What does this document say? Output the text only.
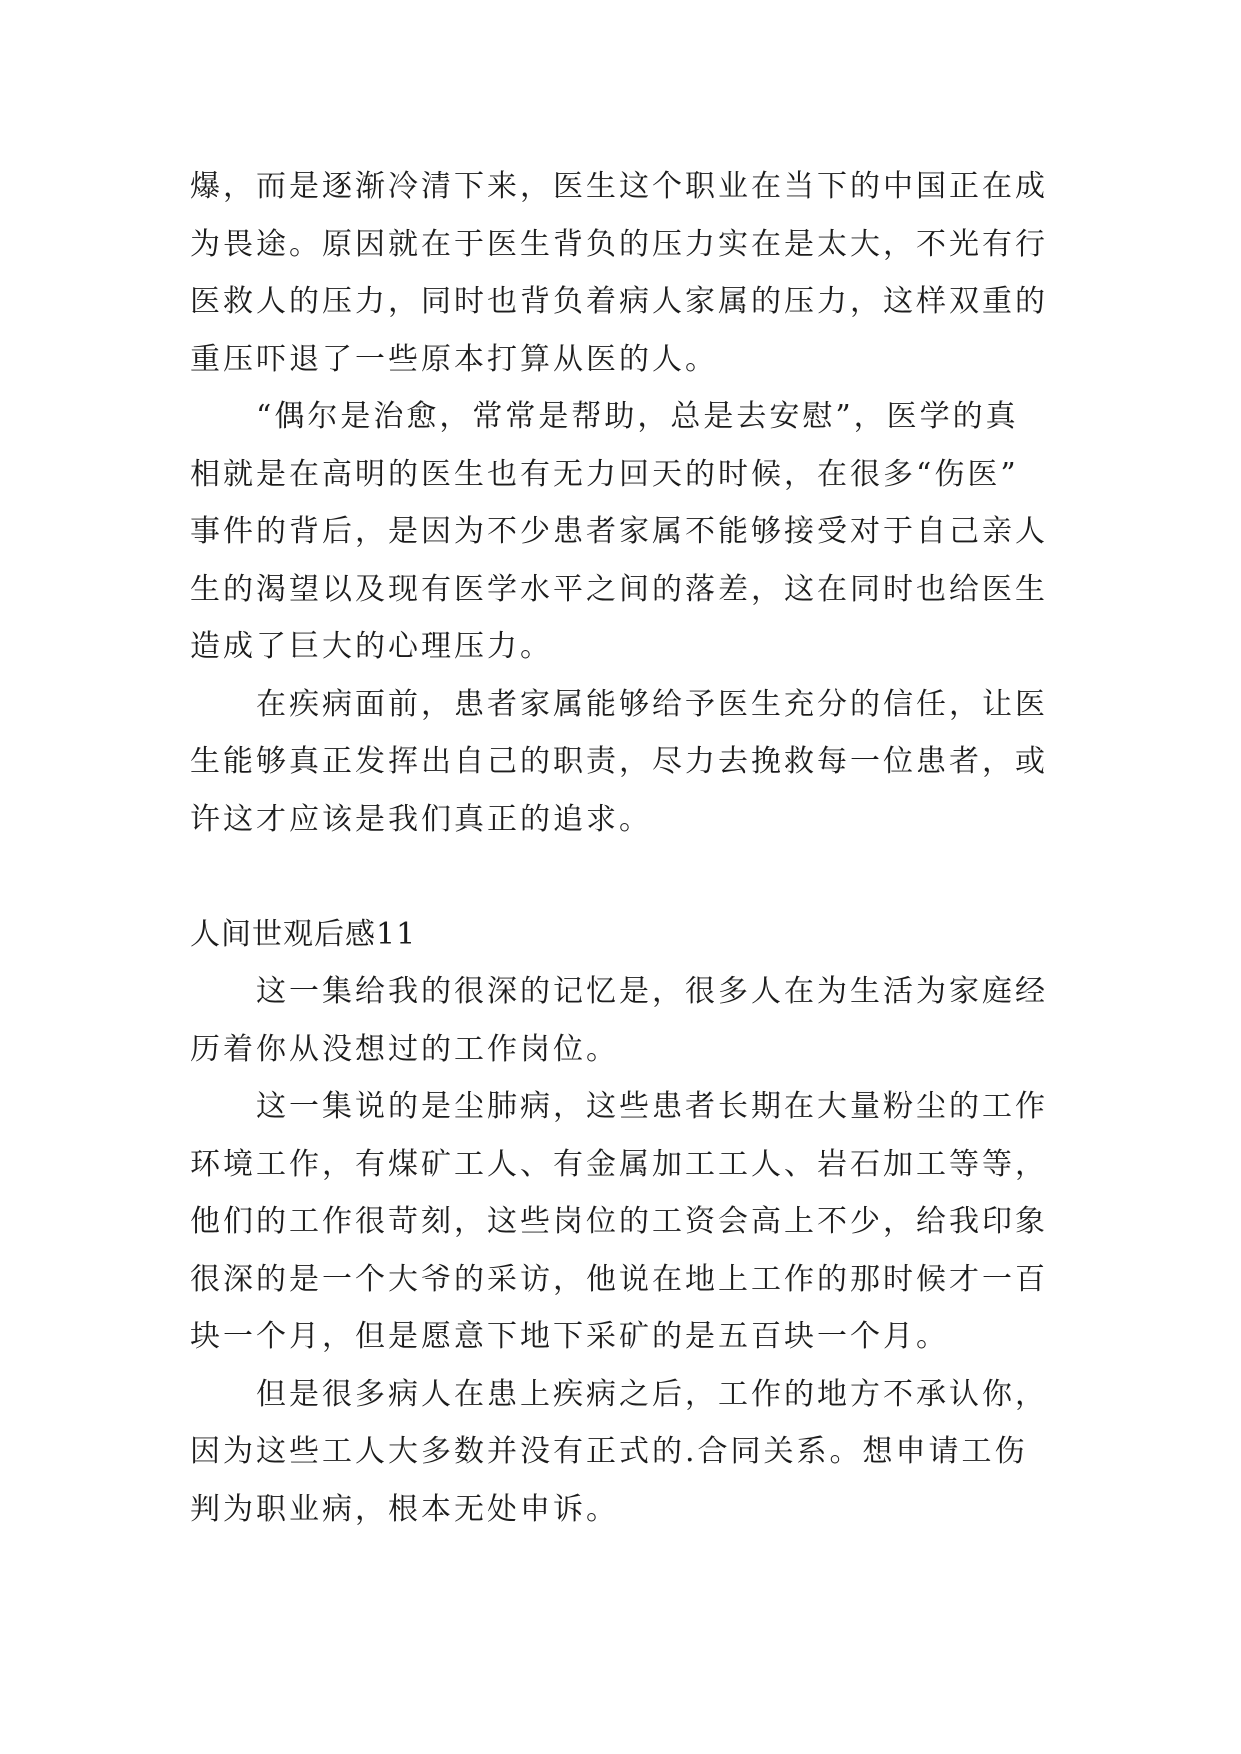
爆，而是逐渐冷清下来，医生这个职业在当下的中国正在成
为畏途。原因就在于医生背负的压力实在是太大，不光有行
医救人的压力，同时也背负着病人家属的压力，这样双重的
重压吓退了一些原本打算从医的人。
“偶尔是治愈，常常是帮助，总是去安慰”，医学的真
相就是在高明的医生也有无力回天的时候，在很多“伤医”
事件的背后，是因为不少患者家属不能够接受对于自己亲人
生的渴望以及现有医学水平之间的落差，这在同时也给医生
造成了巨大的心理压力。
在疾病面前，患者家属能够给予医生充分的信任，让医
生能够真正发挥出自己的职责，尽力去挽救每一位患者，或
许这才应该是我们真正的追求。
人间世观后感11
这一集给我的很深的记忆是，很多人在为生活为家庭经
历着你从没想过的工作岗位。
这一集说的是尘肺病，这些患者长期在大量粉尘的工作
环境工作，有煤矿工人、有金属加工工人、岩石加工等等，
他们的工作很苛刻，这些岗位的工资会高上不少，给我印象
很深的是一个大爷的采访，他说在地上工作的那时候才一百
块一个月，但是愿意下地下采矿的是五百块一个月。
但是很多病人在患上疾病之后，工作的地方不承认你，
因为这些工人大多数并没有正式的.合同关系。想申请工伤
判为职业病，根本无处申诉。
